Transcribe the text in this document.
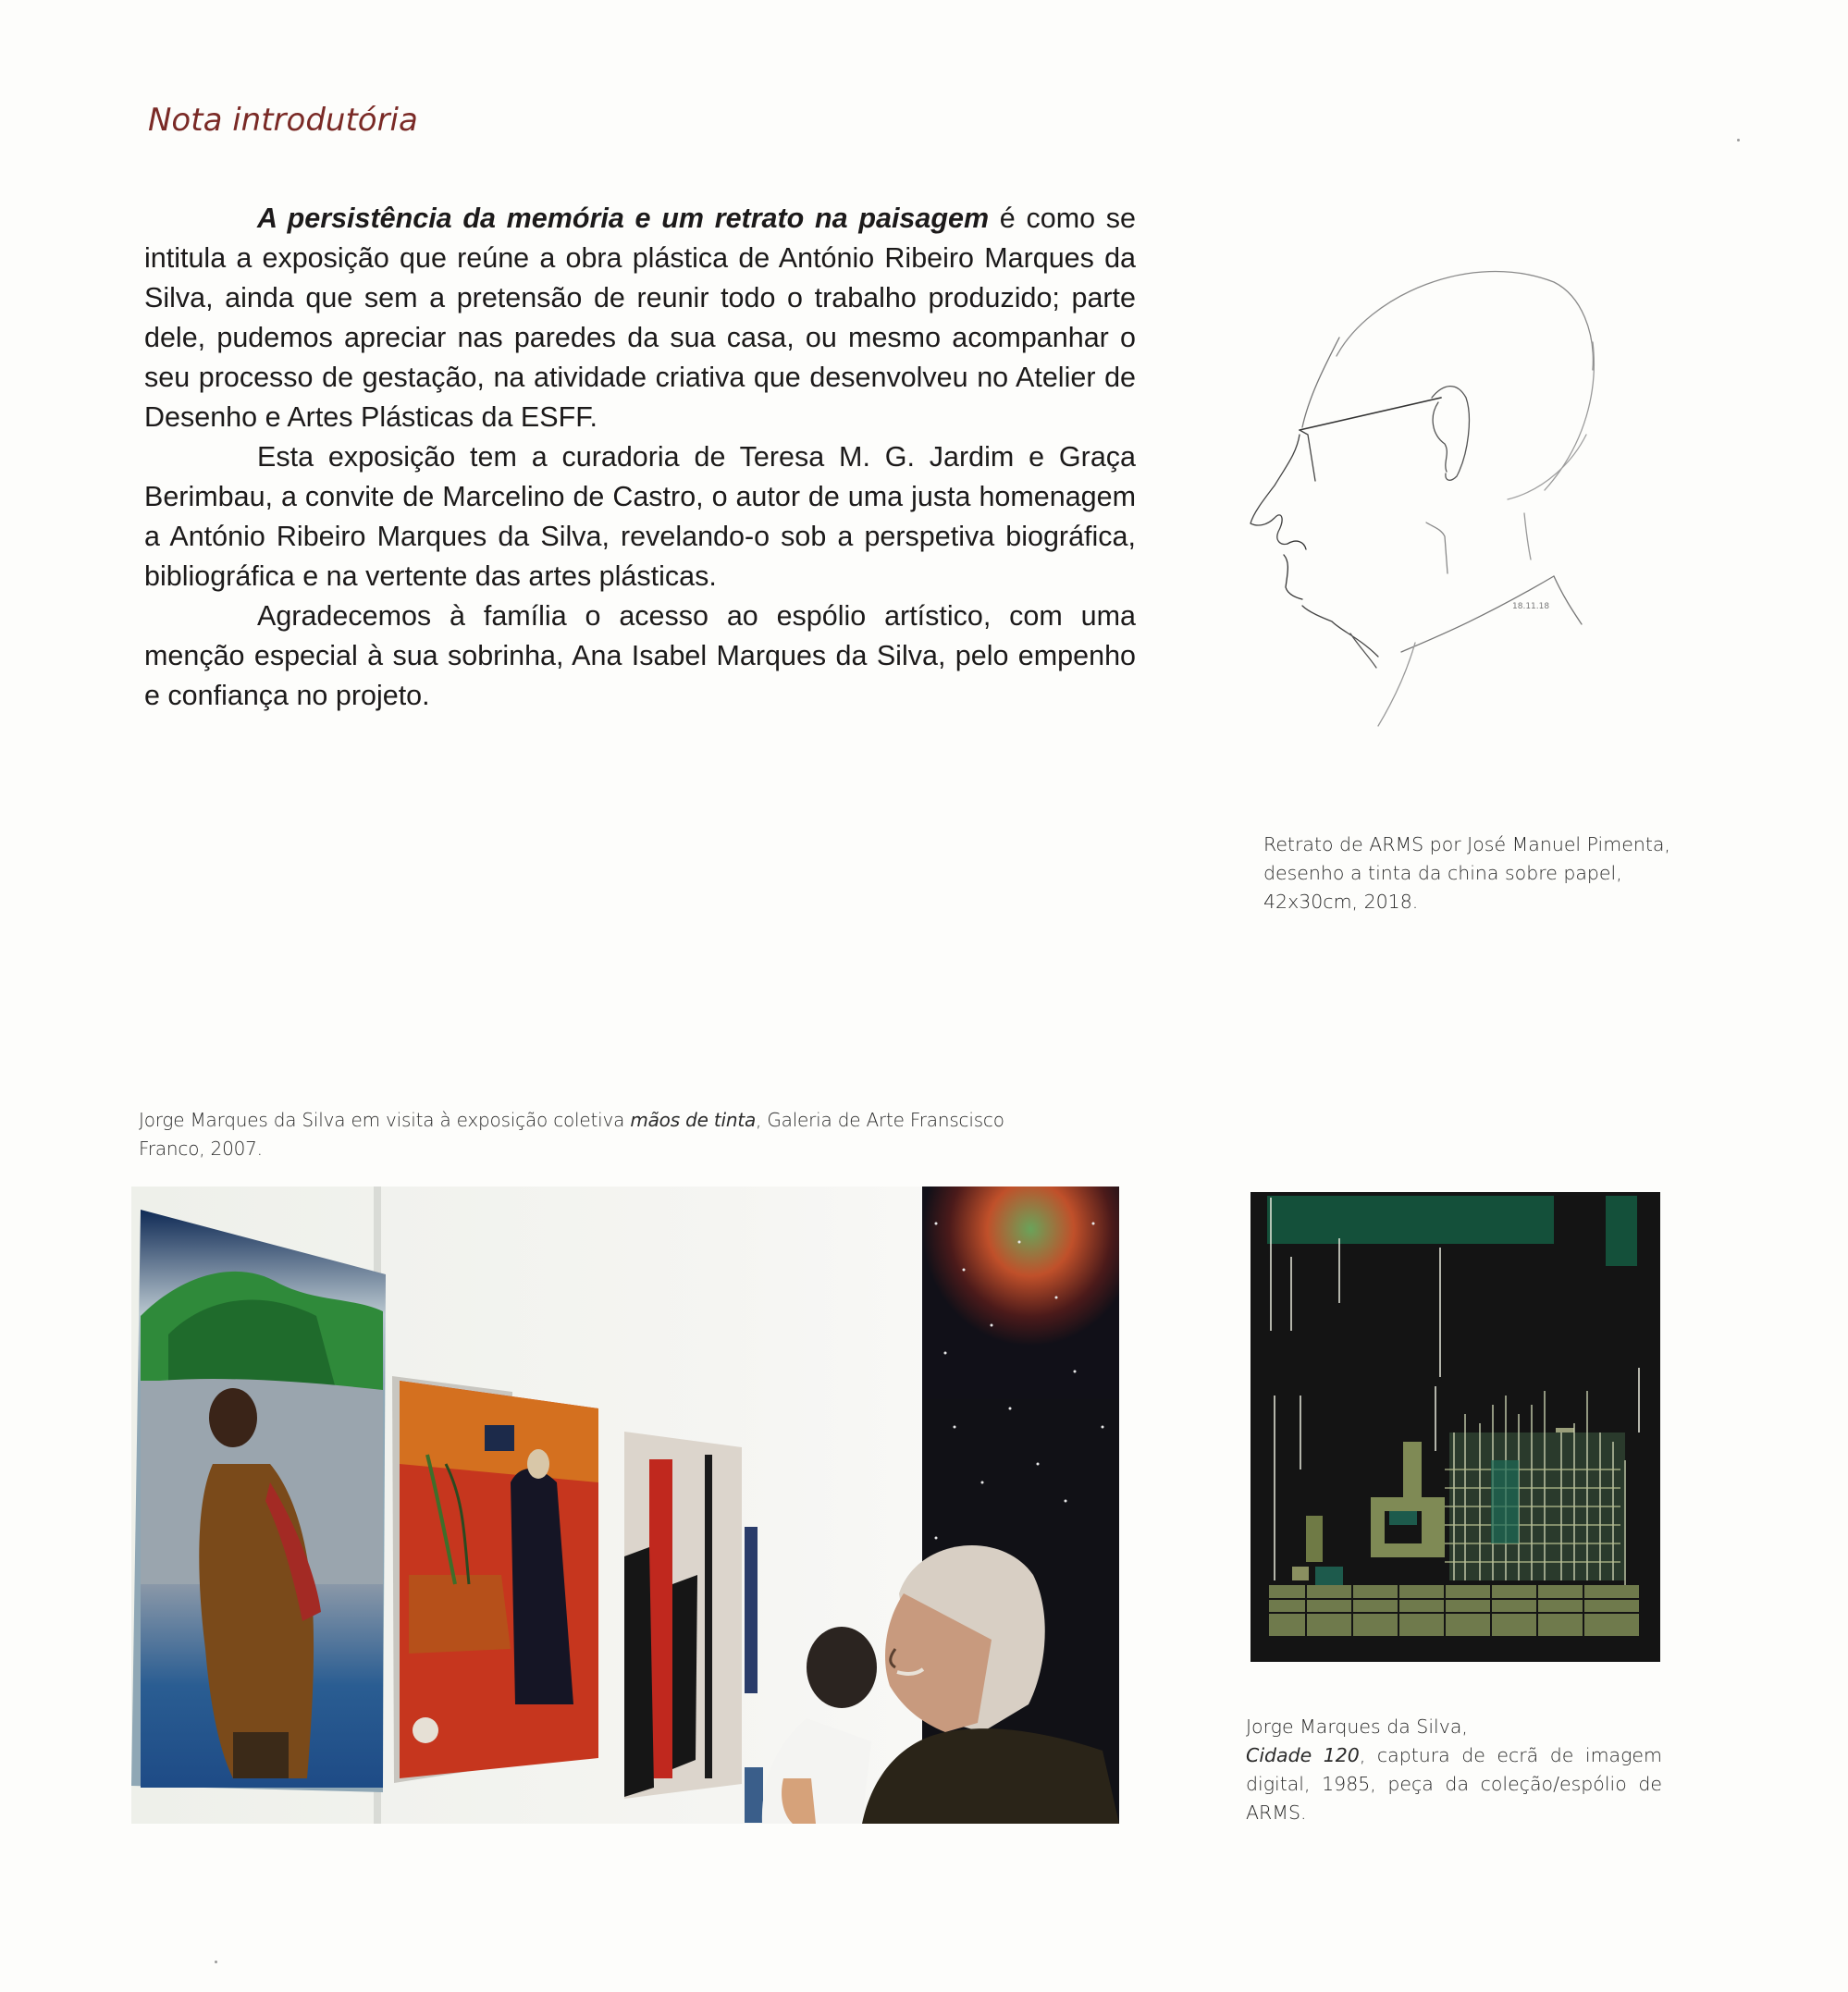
Nota introdutória

A persistência da memória e um retrato na paisagem é como se intitula a exposição que reúne a obra plástica de António Ribeiro Marques da Silva, ainda que sem a pretensão de reunir todo o trabalho produzido; parte dele, pudemos apreciar nas paredes da sua casa, ou mesmo acompanhar o seu processo de gestação, na atividade criativa que desenvolveu no Atelier de Desenho e Artes Plásticas da ESFF.

Esta exposição tem a curadoria de Teresa M. G. Jardim e Graça Berimbau, a convite de Marcelino de Castro, o autor de uma justa homenagem a António Ribeiro Marques da Silva, revelando-o sob a perspetiva biográfica, bibliográfica e na vertente das artes plásticas.

Agradecemos à família o acesso ao espólio artístico, com uma menção especial à sua sobrinha, Ana Isabel Marques da Silva, pelo empenho e confiança no projeto.

18.11.18
Retrato de ARMS por José Manuel Pimenta, desenho a tinta da china sobre papel, 42x30cm, 2018.
Jorge Marques da Silva em visita à exposição coletiva mãos de tinta, Galeria de Arte Franscisco Franco, 2007.
Jorge Marques da Silva,
Cidade 120, captura de ecrã de imagem digital, 1985, peça da coleção/espólio de ARMS.
